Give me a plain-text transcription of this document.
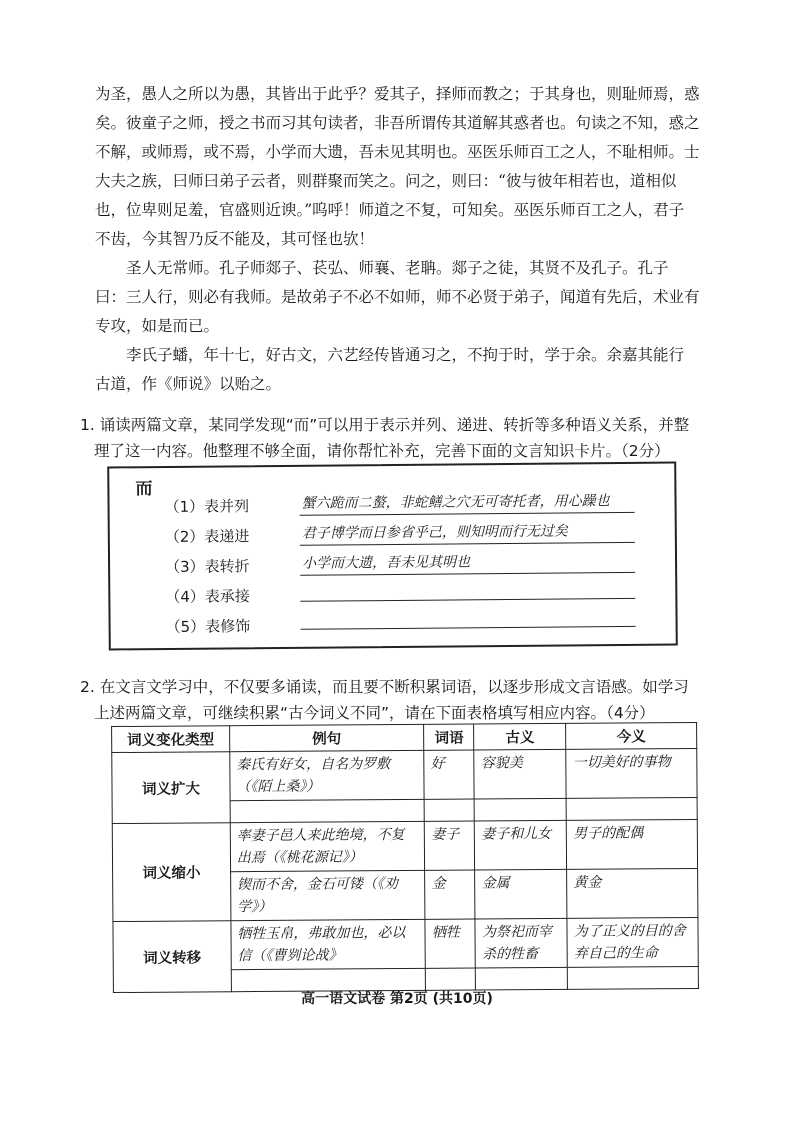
为圣，愚人之所以为愚，其皆出于此乎？爱其子，择师而教之；于其身也，则耻师焉，惑
矣。彼童子之师，授之书而习其句读者，非吾所谓传其道解其惑者也。句读之不知，惑之
不解，或师焉，或不焉，小学而大遗，吾未见其明也。巫医乐师百工之人，不耻相师。士
大夫之族，曰师曰弟子云者，则群聚而笑之。问之，则曰：“彼与彼年相若也，道相似
也，位卑则足羞，官盛则近谀。”呜呼！师道之不复，可知矣。巫医乐师百工之人，君子
不齿，今其智乃反不能及，其可怪也欤！
　　圣人无常师。孔子师郯子、苌弘、师襄、老聃。郯子之徒，其贤不及孔子。孔子
曰：三人行，则必有我师。是故弟子不必不如师，师不必贤于弟子，闻道有先后，术业有
专攻，如是而已。
　　李氏子蟠，年十七，好古文，六艺经传皆通习之，不拘于时，学于余。余嘉其能行
古道，作《师说》以贻之。
1. 诵读两篇文章，某同学发现“而”可以用于表示并列、递进、转折等多种语义关系，并整
理了这一内容。他整理不够全面，请你帮忙补充，完善下面的文言知识卡片。（2分）
而
（1）表并列	蟹六跪而二螯，非蛇鳝之穴无可寄托者，用心躁也
（2）表递进	君子博学而日参省乎己，则知明而行无过矣
（3）表转折	小学而大遗，吾未见其明也
（4）表承接
（5）表修饰
2. 在文言文学习中，不仅要多诵读，而且要不断积累词语，以逐步形成文言语感。如学习
上述两篇文章，可继续积累“古今词义不同”，请在下面表格填写相应内容。（4分）
词义变化类型	例句	词语	古义	今义
词义扩大	秦氏有好女，自名为罗敷（《陌上桑》）	好	容貌美	一切美好的事物

词义缩小	率妻子邑人来此绝境，不复出焉（《桃花源记》）	妻子	妻子和儿女	男子的配偶
	锲而不舍，金石可镂（《劝学》）	金	金属	黄金
词义转移	牺牲玉帛，弗敢加也，必以信（《曹刿论战》	牺牲	为祭祀而宰杀的牲畜	为了正义的目的舍弃自己的生命

高一语文试卷 第2页 (共10页)
